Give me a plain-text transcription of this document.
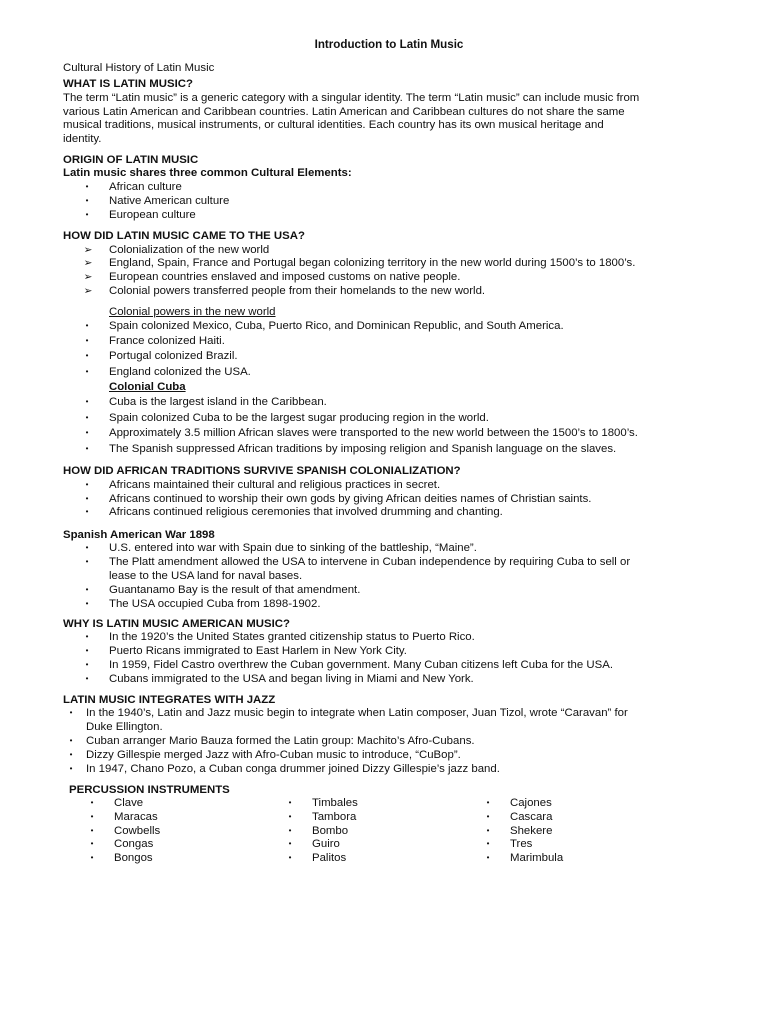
Introduction to Latin Music
Cultural History of Latin Music
WHAT IS LATIN MUSIC?
The term “Latin music” is a generic category with a singular identity. The term “Latin music” can include music from
various Latin American and Caribbean countries. Latin American and Caribbean cultures do not share the same
musical traditions, musical instruments, or cultural identities. Each country has its own musical heritage and
identity.
ORIGIN OF LATIN MUSIC
Latin music shares three common Cultural Elements:
•	African culture
•	Native American culture
•	European culture
HOW DID LATIN MUSIC CAME TO THE USA?
➢	Colonialization of the new world
➢	England, Spain, France and Portugal began colonizing territory in the new world during 1500’s to 1800’s.
➢	European countries enslaved and imposed customs on native people.
➢	Colonial powers transferred people from their homelands to the new world.
Colonial powers in the new world
•	Spain colonized Mexico, Cuba, Puerto Rico, and Dominican Republic, and South America.
•	France colonized Haiti.
•	Portugal colonized Brazil.
•	England colonized the USA.
Colonial Cuba
•	Cuba is the largest island in the Caribbean.
•	Spain colonized Cuba to be the largest sugar producing region in the world.
•	Approximately 3.5 million African slaves were transported to the new world between the 1500’s to 1800’s.
•	The Spanish suppressed African traditions by imposing religion and Spanish language on the slaves.
HOW DID AFRICAN TRADITIONS SURVIVE SPANISH COLONIALIZATION?
•	Africans maintained their cultural and religious practices in secret.
•	Africans continued to worship their own gods by giving African deities names of Christian saints.
•	Africans continued religious ceremonies that involved drumming and chanting.
Spanish American War 1898
•	U.S. entered into war with Spain due to sinking of the battleship, “Maine”.
•	The Platt amendment allowed the USA to intervene in Cuban independence by requiring Cuba to sell or
lease to the USA land for naval bases.
•	Guantanamo Bay is the result of that amendment.
•	The USA occupied Cuba from 1898-1902.
WHY IS LATIN MUSIC AMERICAN MUSIC?
•	In the 1920’s the United States granted citizenship status to Puerto Rico.
•	Puerto Ricans immigrated to East Harlem in New York City.
•	In 1959, Fidel Castro overthrew the Cuban government. Many Cuban citizens left Cuba for the USA.
•	Cubans immigrated to the USA and began living in Miami and New York.
LATIN MUSIC INTEGRATES WITH JAZZ
•	In the 1940’s, Latin and Jazz music begin to integrate when Latin composer, Juan Tizol, wrote “Caravan” for
Duke Ellington.
•	Cuban arranger Mario Bauza formed the Latin group: Machito’s Afro-Cubans.
•	Dizzy Gillespie merged Jazz with Afro-Cuban music to introduce, “CuBop”.
•	In 1947, Chano Pozo, a Cuban conga drummer joined Dizzy Gillespie’s jazz band.
PERCUSSION INSTRUMENTS
•	Clave
•	Maracas
•	Cowbells
•	Congas
•	Bongos
•	Timbales
•	Tambora
•	Bombo
•	Guiro
•	Palitos
•	Cajones
•	Cascara
•	Shekere
•	Tres
•	Marimbula
